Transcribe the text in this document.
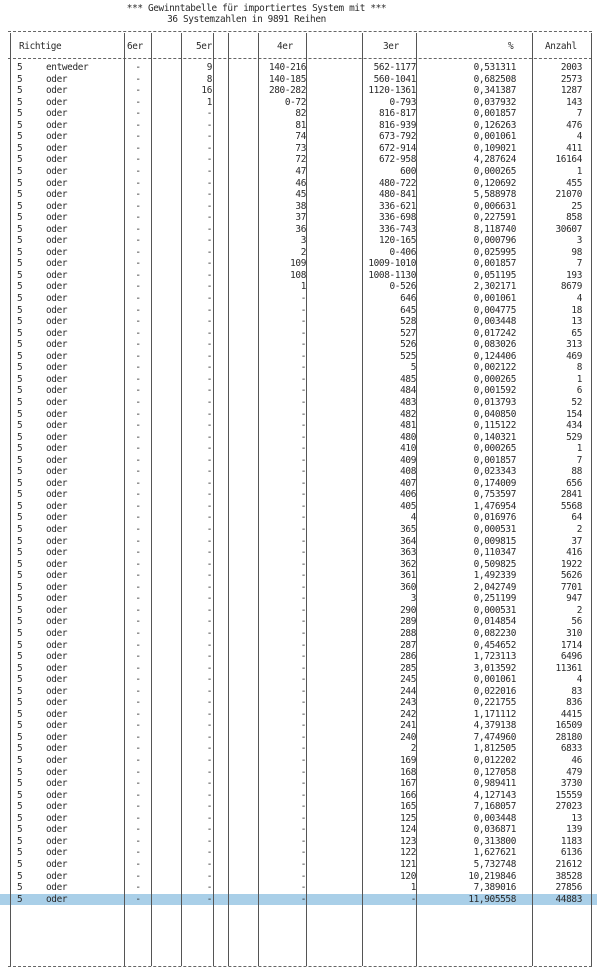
*** Gewinntabelle für importiertes System mit ***
36 Systemzahlen in 9891 Reihen
Richtige	6er	5er	4er	3er	%	Anzahl
5	entweder	-	9	140-216	562-1177	0,531311	2003
5	oder	-	8	140-185	560-1041	0,682508	2573
5	oder	-	16	280-282	1120-1361	0,341387	1287
5	oder	-	1	0-72	0-793	0,037932	143
5	oder	-	-	82	816-817	0,001857	7
5	oder	-	-	81	816-939	0,126263	476
5	oder	-	-	74	673-792	0,001061	4
5	oder	-	-	73	672-914	0,109021	411
5	oder	-	-	72	672-958	4,287624	16164
5	oder	-	-	47	600	0,000265	1
5	oder	-	-	46	480-722	0,120692	455
5	oder	-	-	45	480-841	5,588978	21070
5	oder	-	-	38	336-621	0,006631	25
5	oder	-	-	37	336-698	0,227591	858
5	oder	-	-	36	336-743	8,118740	30607
5	oder	-	-	3	120-165	0,000796	3
5	oder	-	-	2	0-406	0,025995	98
5	oder	-	-	109	1009-1010	0,001857	7
5	oder	-	-	108	1008-1130	0,051195	193
5	oder	-	-	1	0-526	2,302171	8679
5	oder	-	-	-	646	0,001061	4
5	oder	-	-	-	645	0,004775	18
5	oder	-	-	-	528	0,003448	13
5	oder	-	-	-	527	0,017242	65
5	oder	-	-	-	526	0,083026	313
5	oder	-	-	-	525	0,124406	469
5	oder	-	-	-	5	0,002122	8
5	oder	-	-	-	485	0,000265	1
5	oder	-	-	-	484	0,001592	6
5	oder	-	-	-	483	0,013793	52
5	oder	-	-	-	482	0,040850	154
5	oder	-	-	-	481	0,115122	434
5	oder	-	-	-	480	0,140321	529
5	oder	-	-	-	410	0,000265	1
5	oder	-	-	-	409	0,001857	7
5	oder	-	-	-	408	0,023343	88
5	oder	-	-	-	407	0,174009	656
5	oder	-	-	-	406	0,753597	2841
5	oder	-	-	-	405	1,476954	5568
5	oder	-	-	-	4	0,016976	64
5	oder	-	-	-	365	0,000531	2
5	oder	-	-	-	364	0,009815	37
5	oder	-	-	-	363	0,110347	416
5	oder	-	-	-	362	0,509825	1922
5	oder	-	-	-	361	1,492339	5626
5	oder	-	-	-	360	2,042749	7701
5	oder	-	-	-	3	0,251199	947
5	oder	-	-	-	290	0,000531	2
5	oder	-	-	-	289	0,014854	56
5	oder	-	-	-	288	0,082230	310
5	oder	-	-	-	287	0,454652	1714
5	oder	-	-	-	286	1,723113	6496
5	oder	-	-	-	285	3,013592	11361
5	oder	-	-	-	245	0,001061	4
5	oder	-	-	-	244	0,022016	83
5	oder	-	-	-	243	0,221755	836
5	oder	-	-	-	242	1,171112	4415
5	oder	-	-	-	241	4,379138	16509
5	oder	-	-	-	240	7,474960	28180
5	oder	-	-	-	2	1,812505	6833
5	oder	-	-	-	169	0,012202	46
5	oder	-	-	-	168	0,127058	479
5	oder	-	-	-	167	0,989411	3730
5	oder	-	-	-	166	4,127143	15559
5	oder	-	-	-	165	7,168057	27023
5	oder	-	-	-	125	0,003448	13
5	oder	-	-	-	124	0,036871	139
5	oder	-	-	-	123	0,313800	1183
5	oder	-	-	-	122	1,627621	6136
5	oder	-	-	-	121	5,732748	21612
5	oder	-	-	-	120	10,219846	38528
5	oder	-	-	-	1	7,389016	27856
5	oder	-	-	-	-	11,905558	44883
